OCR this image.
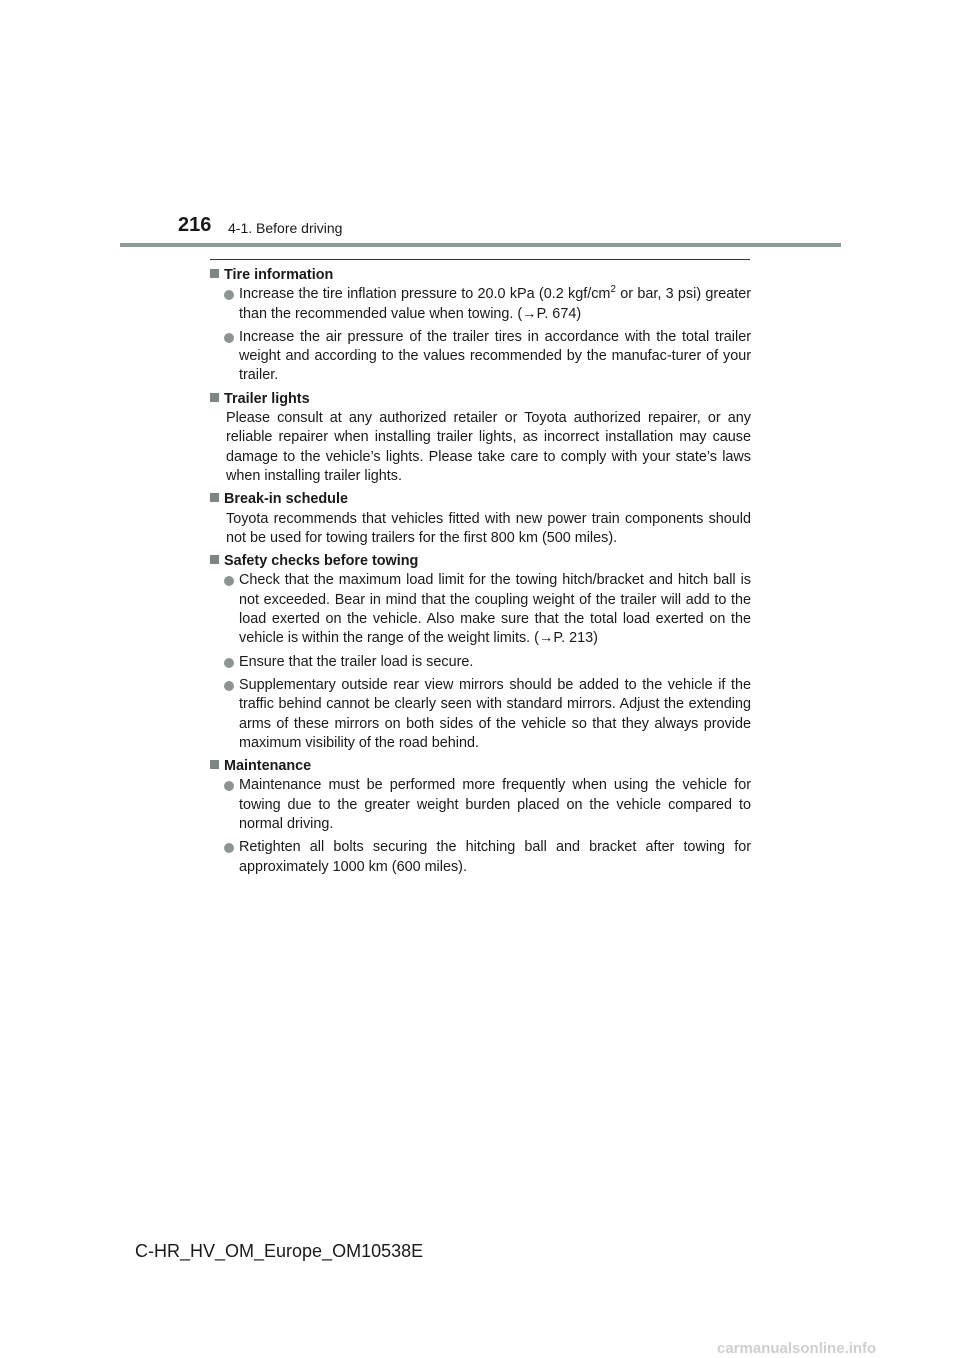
216 4-1. Before driving

Tire information

Increase the tire inflation pressure to 20.0 kPa (0.2 kgf/$cm^2$ or bar, 3 psi) greater than the recommended value when towing. (→P. 674)
Increase the air pressure of the trailer tires in accordance with the total trailer weight and according to the values recommended by the manufac-turer of your trailer.

Trailer lights

Please consult at any authorized retailer or Toyota authorized repairer, or any reliable repairer when installing trailer lights, as incorrect installation may cause damage to the vehicle’s lights. Please take care to comply with your state’s laws when installing trailer lights.

Break-in schedule

Toyota recommends that vehicles fitted with new power train components should not be used for towing trailers for the first 800 km (500 miles).

Safety checks before towing

Check that the maximum load limit for the towing hitch/bracket and hitch ball is not exceeded. Bear in mind that the coupling weight of the trailer will add to the load exerted on the vehicle. Also make sure that the total load exerted on the vehicle is within the range of the weight limits. (→P. 213)
Ensure that the trailer load is secure.
Supplementary outside rear view mirrors should be added to the vehicle if the traffic behind cannot be clearly seen with standard mirrors. Adjust the extending arms of these mirrors on both sides of the vehicle so that they always provide maximum visibility of the road behind.

Maintenance

Maintenance must be performed more frequently when using the vehicle for towing due to the greater weight burden placed on the vehicle compared to normal driving.
Retighten all bolts securing the hitching ball and bracket after towing for approximately 1000 km (600 miles).
C-HR_HV_OM_Europe_OM10538E
carmanualsonline.info
